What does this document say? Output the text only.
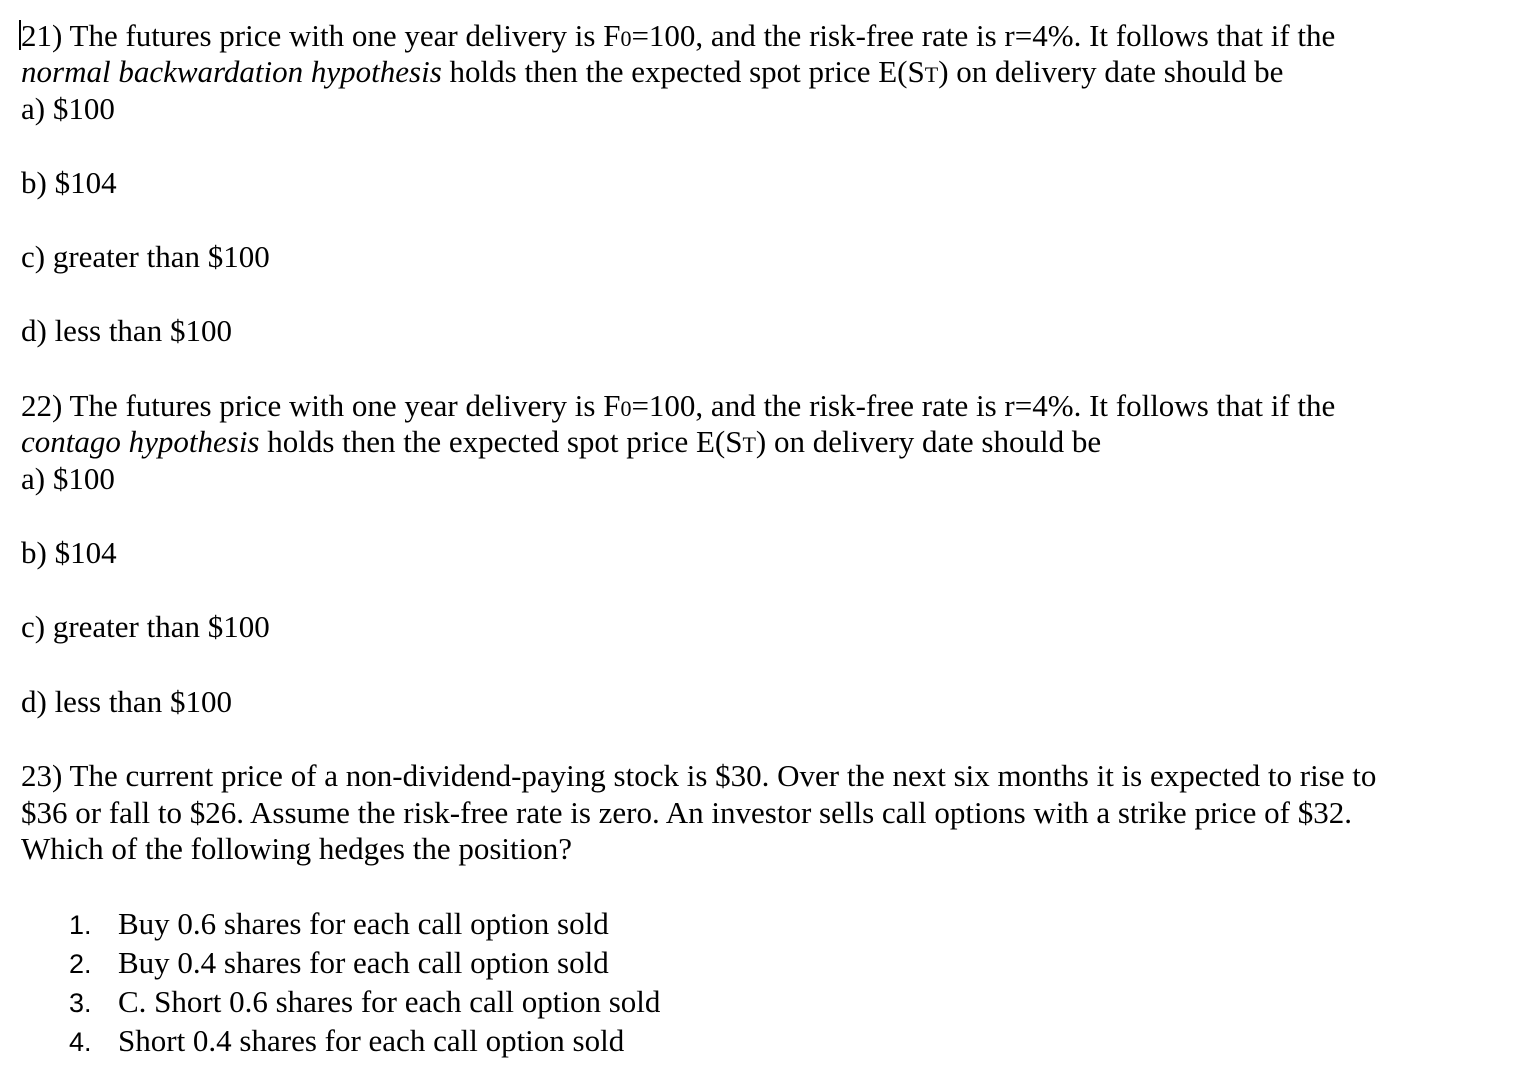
21) The futures price with one year delivery is F0=100, and the risk-free rate is r=4%. It follows that if the
normal backwardation hypothesis holds then the expected spot price E(ST) on delivery date should be
a) $100
b) $104
c) greater than $100
d) less than $100
22) The futures price with one year delivery is F0=100, and the risk-free rate is r=4%. It follows that if the
contago hypothesis holds then the expected spot price E(ST) on delivery date should be
a) $100
b) $104
c) greater than $100
d) less than $100
23) The current price of a non-dividend-paying stock is $30. Over the next six months it is expected to rise to
$36 or fall to $26. Assume the risk-free rate is zero. An investor sells call options with a strike price of $32.
Which of the following hedges the position?
1. Buy 0.6 shares for each call option sold
2. Buy 0.4 shares for each call option sold
3. C. Short 0.6 shares for each call option sold
4. Short 0.4 shares for each call option sold
